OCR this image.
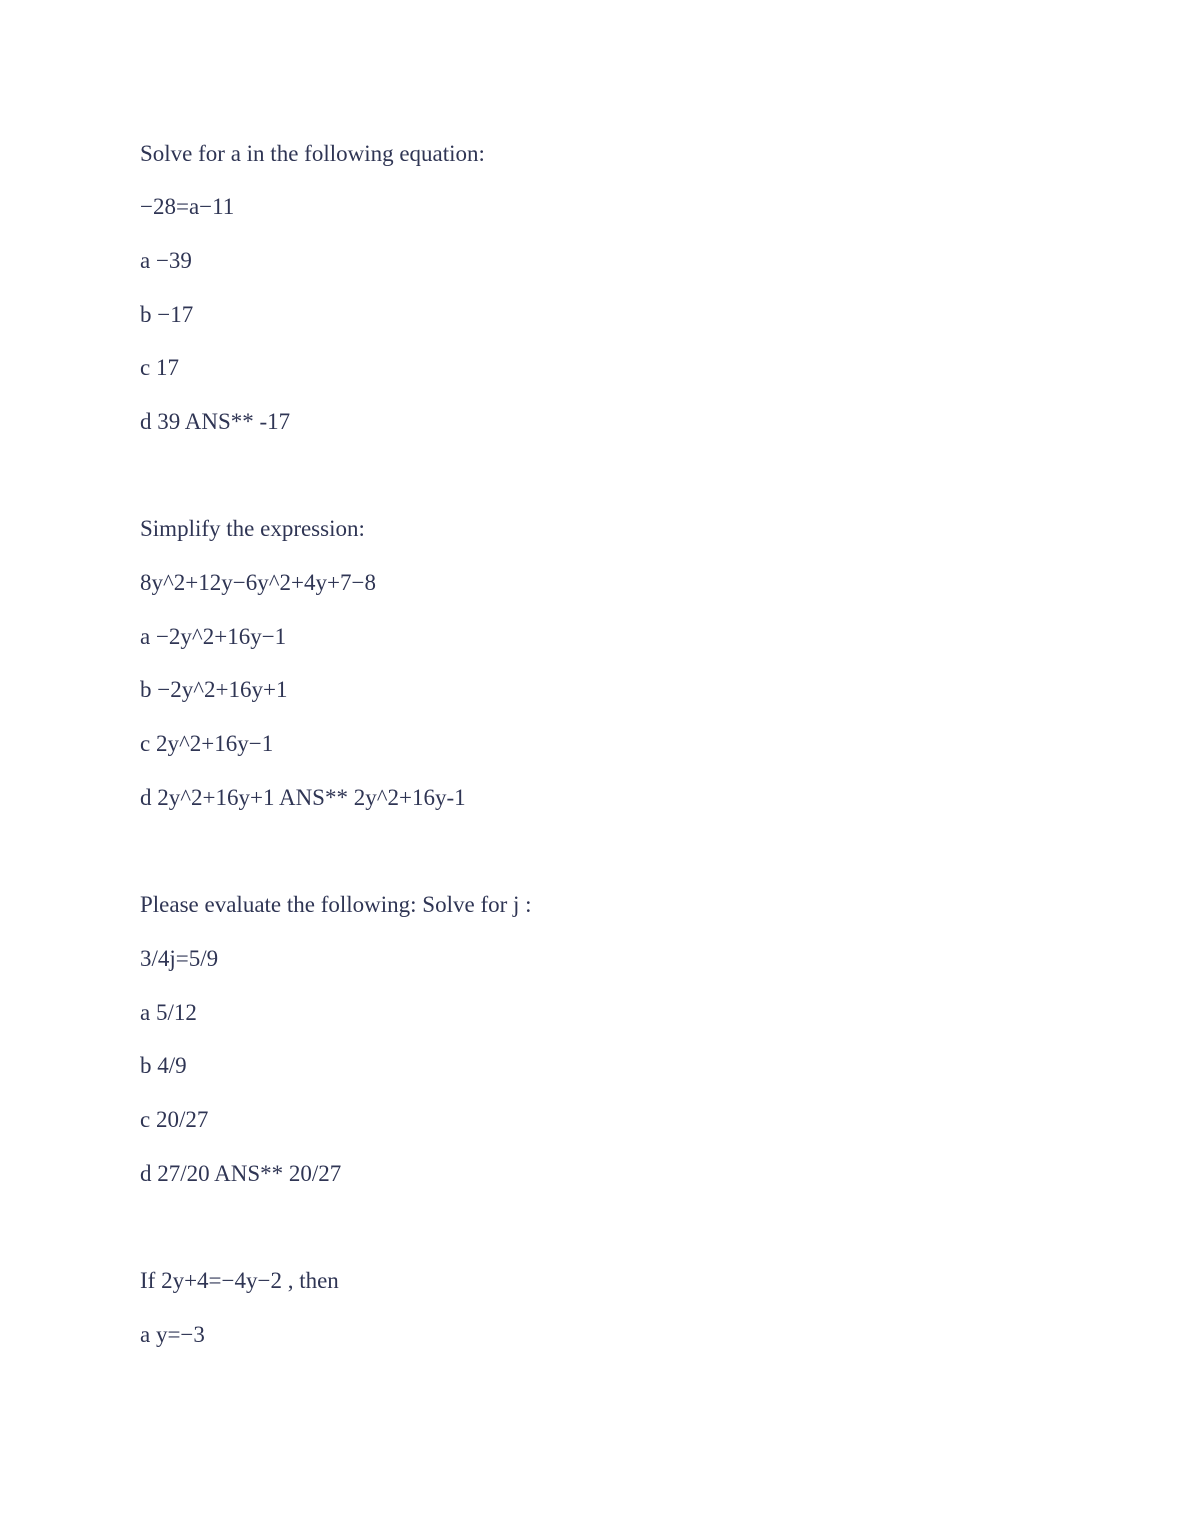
Solve for a in the following equation:

−28=a−11

a −39

b −17

c 17

d 39 ANS** -17

Simplify the expression:

8y^2+12y−6y^2+4y+7−8

a −2y^2+16y−1

b −2y^2+16y+1

c 2y^2+16y−1

d 2y^2+16y+1 ANS** 2y^2+16y-1

Please evaluate the following: Solve for j :

3/4j=5/9

a 5/12

b 4/9

c 20/27

d 27/20 ANS** 20/27

If 2y+4=−4y−2 , then

a y=−3
